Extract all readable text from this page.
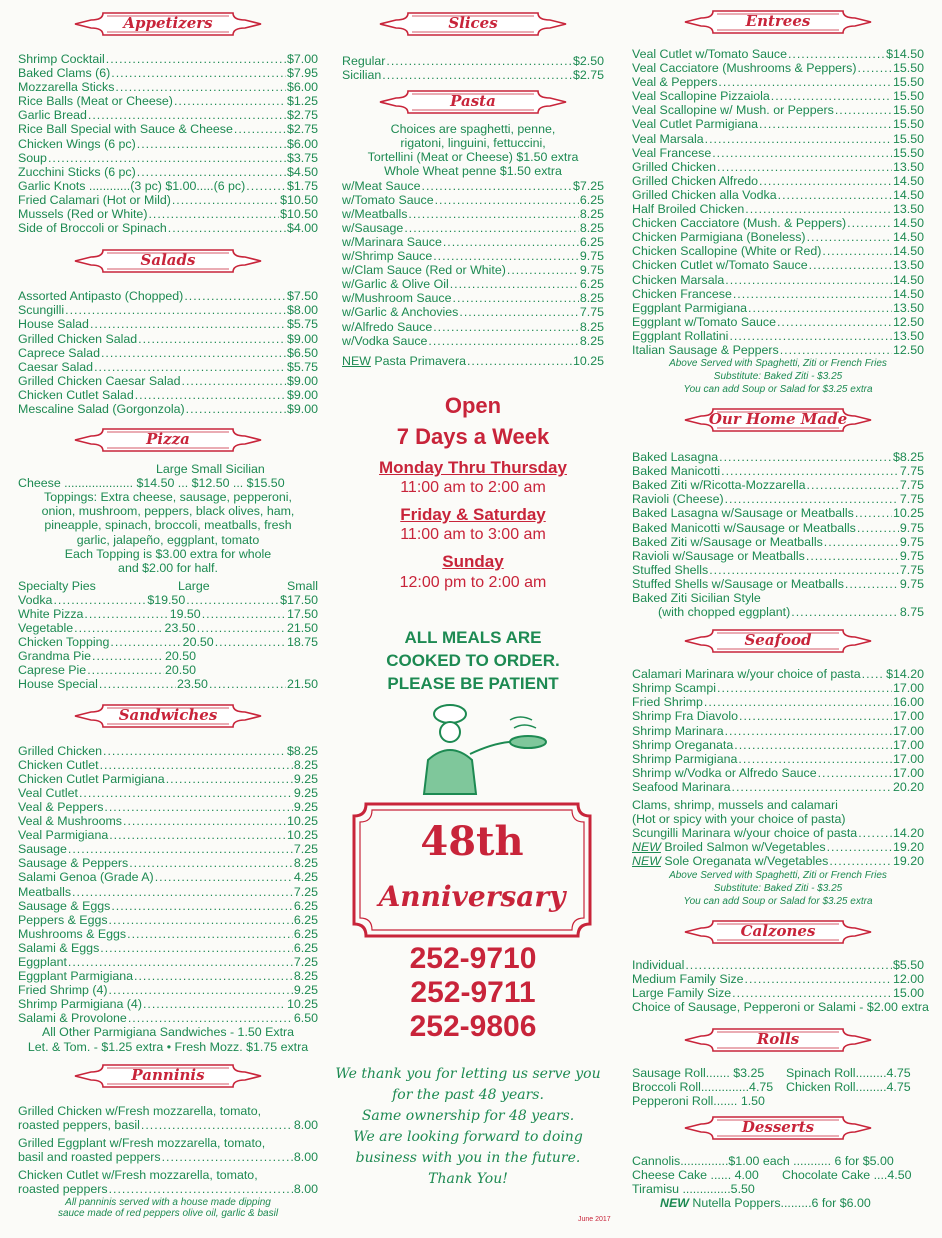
Appetizers
Shrimp Cocktail .....	$7.00
Baked Clams (6) .....	$7.95
Mozzarella Sticks .....	$6.00
Rice Balls (Meat or Cheese) .....	$1.25
Garlic Bread .....	$2.75
Rice Ball Special with Sauce & Cheese .....	$2.75
Chicken Wings (6 pc) .....	$6.00
Soup .....	$3.75
Zucchini Sticks (6 pc) .....	$4.50
Garlic Knots ............(3 pc) $1.00.....(6 pc) .....	$1.75
Fried Calamari (Hot or Mild) .....	$10.50
Mussels (Red or White) .....	$10.50
Side of Broccoli or Spinach .....	$4.00
Salads
Assorted Antipasto (Chopped) .....	$7.50
Scungilli .....	$8.00
House Salad .....	$5.75
Grilled Chicken Salad .....	$9.00
Caprece Salad .....	$6.50
Caesar Salad .....	$5.75
Grilled Chicken Caesar Salad .....	$9.00
Chicken Cutlet Salad .....	$9.00
Mescaline Salad (Gorgonzola) .....	$9.00
Pizza
Large Small Sicilian
Cheese .................... $14.50 ... $12.50 ... $15.50
Toppings: Extra cheese, sausage, pepperoni,
onion, mushroom, peppers, black olives, ham,
pineapple, spinach, broccoli, meatballs, fresh
garlic, jalapeño, eggplant, tomato
Each Topping is $3.00 extra for whole
and $2.00 for half.
Specialty Pies	Large	Small
Vodka .....	$19.50 .....	$17.50
White Pizza .....	19.50 .....	17.50
Vegetable .....	23.50 .....	21.50
Chicken Topping .....	20.50 .....	18.75
Grandma Pie .....	20.50
Caprese Pie .....	20.50
House Special .....	23.50 .....	21.50
Sandwiches
Grilled Chicken .....	$8.25
Chicken Cutlet .....	8.25
Chicken Cutlet Parmigiana .....	9.25
Veal Cutlet .....	9.25
Veal & Peppers .....	9.25
Veal & Mushrooms .....	10.25
Veal Parmigiana .....	10.25
Sausage .....	7.25
Sausage & Peppers .....	8.25
Salami Genoa (Grade A) .....	4.25
Meatballs .....	7.25
Sausage & Eggs .....	6.25
Peppers & Eggs .....	6.25
Mushrooms & Eggs .....	6.25
Salami & Eggs .....	6.25
Eggplant .....	7.25
Eggplant Parmigiana .....	8.25
Fried Shrimp (4) .....	9.25
Shrimp Parmigiana (4) .....	10.25
Salami & Provolone .....	6.50
All Other Parmigiana Sandwiches - 1.50 Extra
Let. & Tom. - $1.25 extra • Fresh Mozz. $1.75 extra
Panninis
Grilled Chicken w/Fresh mozzarella, tomato,
roasted peppers, basil .....	8.00
Grilled Eggplant w/Fresh mozzarella, tomato,
basil and roasted peppers .....	8.00
Chicken Cutlet w/Fresh mozzarella, tomato,
roasted peppers .....	8.00
All panninis served with a house made dipping
sauce made of red peppers olive oil, garlic & basil
Slices
Regular .....	$2.50
Sicilian .....	$2.75
Pasta
Choices are spaghetti, penne,
rigatoni, linguini, fettuccini,
Tortellini (Meat or Cheese) $1.50 extra
Whole Wheat penne $1.50 extra
w/Meat Sauce .....	$7.25
w/Tomato Sauce .....	6.25
w/Meatballs .....	8.25
w/Sausage .....	8.25
w/Marinara Sauce .....	6.25
w/Shrimp Sauce .....	9.75
w/Clam Sauce (Red or White) .....	9.75
w/Garlic & Olive Oil .....	6.25
w/Mushroom Sauce .....	8.25
w/Garlic & Anchovies .....	7.75
w/Alfredo Sauce .....	8.25
w/Vodka Sauce .....	8.25
NEW Pasta Primavera .....	10.25
Open
7 Days a Week
Monday Thru Thursday
11:00 am to 2:00 am
Friday & Saturday
11:00 am to 3:00 am
Sunday
12:00 pm to 2:00 am
ALL MEALS ARE
COOKED TO ORDER.
PLEASE BE PATIENT
48th
Anniversary
252-9710
252-9711
252-9806
We thank you for letting us serve you
for the past 48 years.
Same ownership for 48 years.
We are looking forward to doing
business with you in the future.
Thank You!
June 2017
Entrees
Veal Cutlet w/Tomato Sauce .....	$14.50
Veal Cacciatore (Mushrooms & Peppers) .....	15.50
Veal & Peppers .....	15.50
Veal Scallopine Pizzaiola .....	15.50
Veal Scallopine w/ Mush. or Peppers .....	15.50
Veal Cutlet Parmigiana .....	15.50
Veal Marsala .....	15.50
Veal Francese .....	15.50
Grilled Chicken .....	13.50
Grilled Chicken Alfredo .....	14.50
Grilled Chicken alla Vodka .....	14.50
Half Broiled Chicken .....	13.50
Chicken Cacciatore (Mush. & Peppers) .....	14.50
Chicken Parmigiana (Boneless) .....	14.50
Chicken Scallopine (White or Red) .....	14.50
Chicken Cutlet w/Tomato Sauce .....	13.50
Chicken Marsala .....	14.50
Chicken Francese .....	14.50
Eggplant Parmigiana .....	13.50
Eggplant w/Tomato Sauce .....	12.50
Eggplant Rollatini .....	13.50
Italian Sausage & Peppers .....	12.50
Above Served with Spaghetti, Ziti or French Fries
Substitute: Baked Ziti - $3.25
You can add Soup or Salad for $3.25 extra
Our Home Made
Baked Lasagna .....	$8.25
Baked Manicotti .....	7.75
Baked Ziti w/Ricotta-Mozzarella .....	7.75
Ravioli (Cheese) .....	7.75
Baked Lasagna w/Sausage or Meatballs .....	10.25
Baked Manicotti w/Sausage or Meatballs .....	9.75
Baked Ziti w/Sausage or Meatballs .....	9.75
Ravioli w/Sausage or Meatballs .....	9.75
Stuffed Shells .....	7.75
Stuffed Shells w/Sausage or Meatballs .....	9.75
Baked Ziti Sicilian Style
(with chopped eggplant) .....	8.75
Seafood
Calamari Marinara w/your choice of pasta ..... $14.20
Shrimp Scampi .....	17.00
Fried Shrimp .....	16.00
Shrimp Fra Diavolo .....	17.00
Shrimp Marinara .....	17.00
Shrimp Oreganata .....	17.00
Shrimp Parmigiana .....	17.00
Shrimp w/Vodka or Alfredo Sauce .....	17.00
Seafood Marinara .....	20.20
Clams, shrimp, mussels and calamari
(Hot or spicy with your choice of pasta)
Scungilli Marinara w/your choice of pasta .....	14.20
NEW Broiled Salmon w/Vegetables .....	19.20
NEW Sole Oreganata w/Vegetables .....	19.20
Above Served with Spaghetti, Ziti or French Fries
Substitute: Baked Ziti - $3.25
You can add Soup or Salad for $3.25 extra
Calzones
Individual .....	$5.50
Medium Family Size .....	12.00
Large Family Size .....	15.00
Choice of Sausage, Pepperoni or Salami - $2.00 extra
Rolls
Sausage Roll....... $3.25 Spinach Roll.........4.75
Broccoli Roll..............4.75 Chicken Roll.........4.75
Pepperoni Roll....... 1.50
Desserts
Cannolis..............$1.00 each ........... 6 for $5.00
Cheese Cake ...... 4.00 Chocolate Cake ....4.50
Tiramisu ..............5.50
NEW Nutella Poppers.........6 for $6.00
